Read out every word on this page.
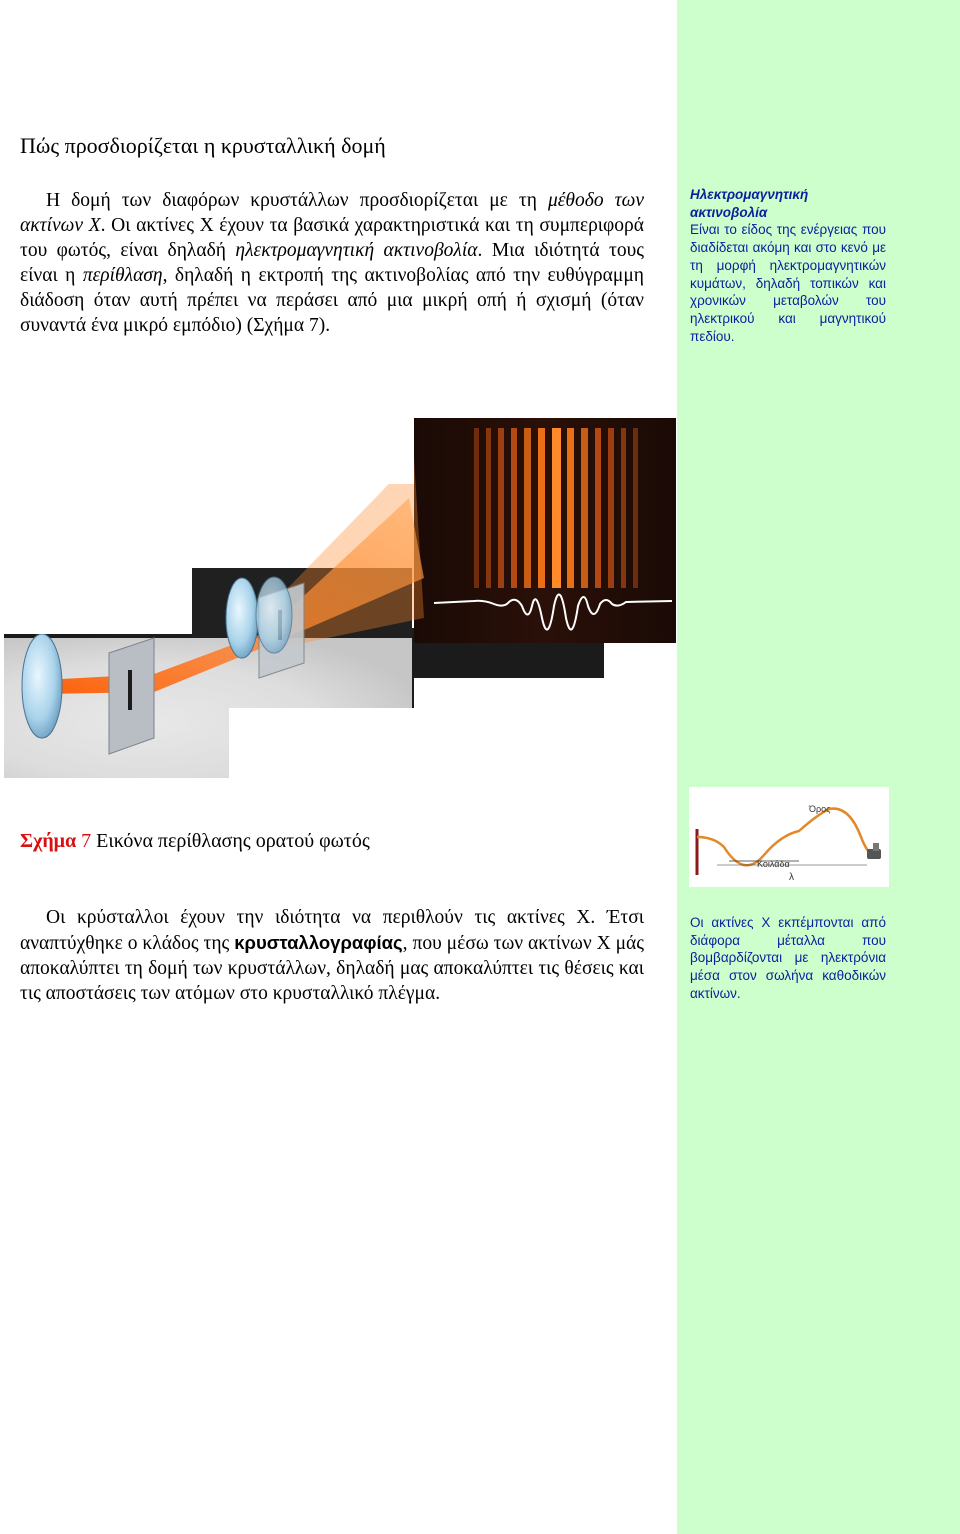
Πώς προσδιορίζεται η κρυσταλλική δομή

Η δομή των διαφόρων κρυστάλλων προσδιορίζεται με τη μέθοδο των ακτίνων Χ. Οι ακτίνες Χ έχουν τα βασικά χαρακτηριστικά και τη συμπεριφορά του φωτός, είναι δηλαδή ηλεκτρομαγνητική ακτινοβολία. Μια ιδιότητά τους είναι η περίθλαση, δηλαδή η εκτροπή της ακτινοβολίας από την ευθύγραμμη διάδοση όταν αυτή πρέπει να περάσει από μια μικρή οπή ή σχισμή (όταν συναντά ένα μικρό εμπόδιο) (Σχήμα 7).

Ηλεκτρομαγνητική ακτινοβολία
Είναι το είδος της ενέργειας που διαδίδεται ακόμη και στο κενό με τη μορφή ηλεκτρομαγνητικών κυμάτων, δηλαδή τοπικών και χρονικών μεταβολών του ηλεκτρικού και μαγνητικού πεδίου.

Σχήμα 7 Εικόνα περίθλασης ορατού φωτός

Οι κρύσταλλοι έχουν την ιδιότητα να περιθλούν τις ακτίνες Χ. Έτσι αναπτύχθηκε ο κλάδος της κρυσταλλογραφίας, που μέσω των ακτίνων Χ μάς αποκαλύπτει τη δομή των κρυστάλλων, δηλαδή μας αποκαλύπτει τις θέσεις και τις αποστάσεις των ατόμων στο κρυσταλλικό πλέγμα.

Όρος
Κοιλάδα
λ
Οι ακτίνες Χ εκπέμπονται από διάφορα μέταλλα που βομβαρδίζονται με ηλεκτρόνια μέσα στον σωλήνα καθοδικών ακτίνων.
